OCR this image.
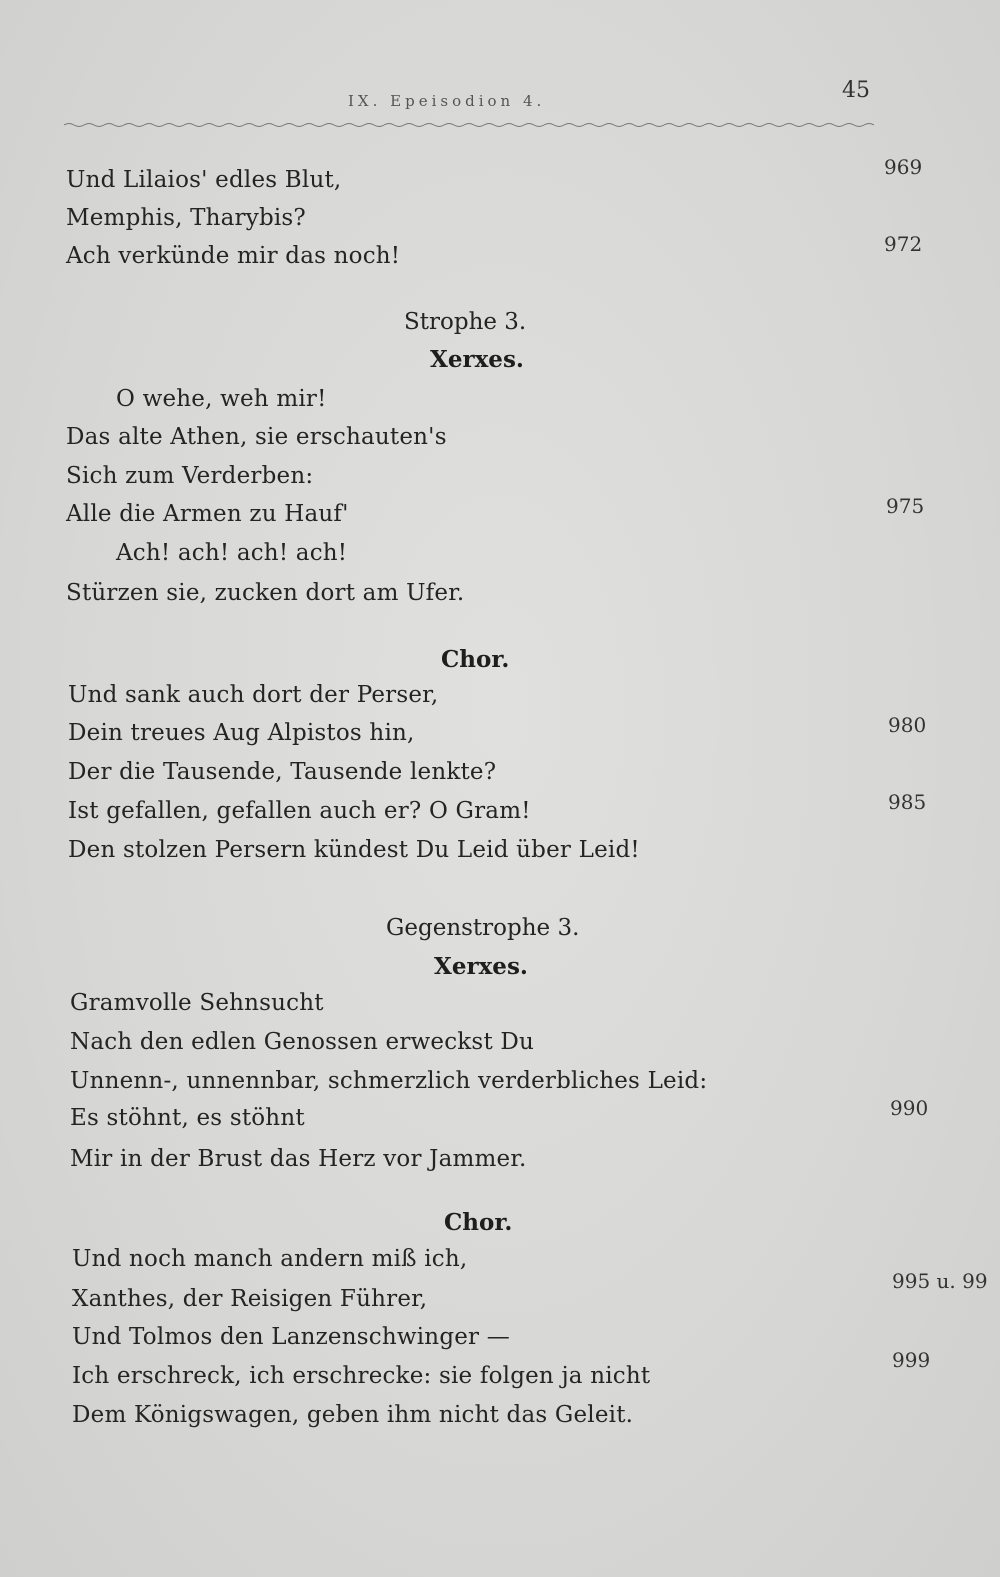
IX. Epeisodion 4.	45
Und Lilaios' edles Blut,
Memphis, Tharybis?
Ach verkünde mir das noch!
969
972
Strophe 3.
Xerxes.
O wehe, weh mir!
Das alte Athen, sie erschauten's
Sich zum Verderben:
Alle die Armen zu Hauf'
Ach! ach! ach! ach!
Stürzen sie, zucken dort am Ufer.
975
Chor.
Und sank auch dort der Perser,
Dein treues Aug Alpistos hin,
Der die Tausende, Tausende lenkte?
Ist gefallen, gefallen auch er? O Gram!
Den stolzen Persern kündest Du Leid über Leid!
980
985
Gegenstrophe 3.
Xerxes.
Gramvolle Sehnsucht
Nach den edlen Genossen erweckst Du
Unnenn-, unnennbar, schmerzlich verderbliches Leid:
Es stöhnt, es stöhnt
Mir in der Brust das Herz vor Jammer.
990
Chor.
Und noch manch andern miß ich,
Xanthes, der Reisigen Führer,
Und Tolmos den Lanzenschwinger —
Ich erschreck, ich erschrecke: sie folgen ja nicht
Dem Königswagen, geben ihm nicht das Geleit.
995 u. 99
999
